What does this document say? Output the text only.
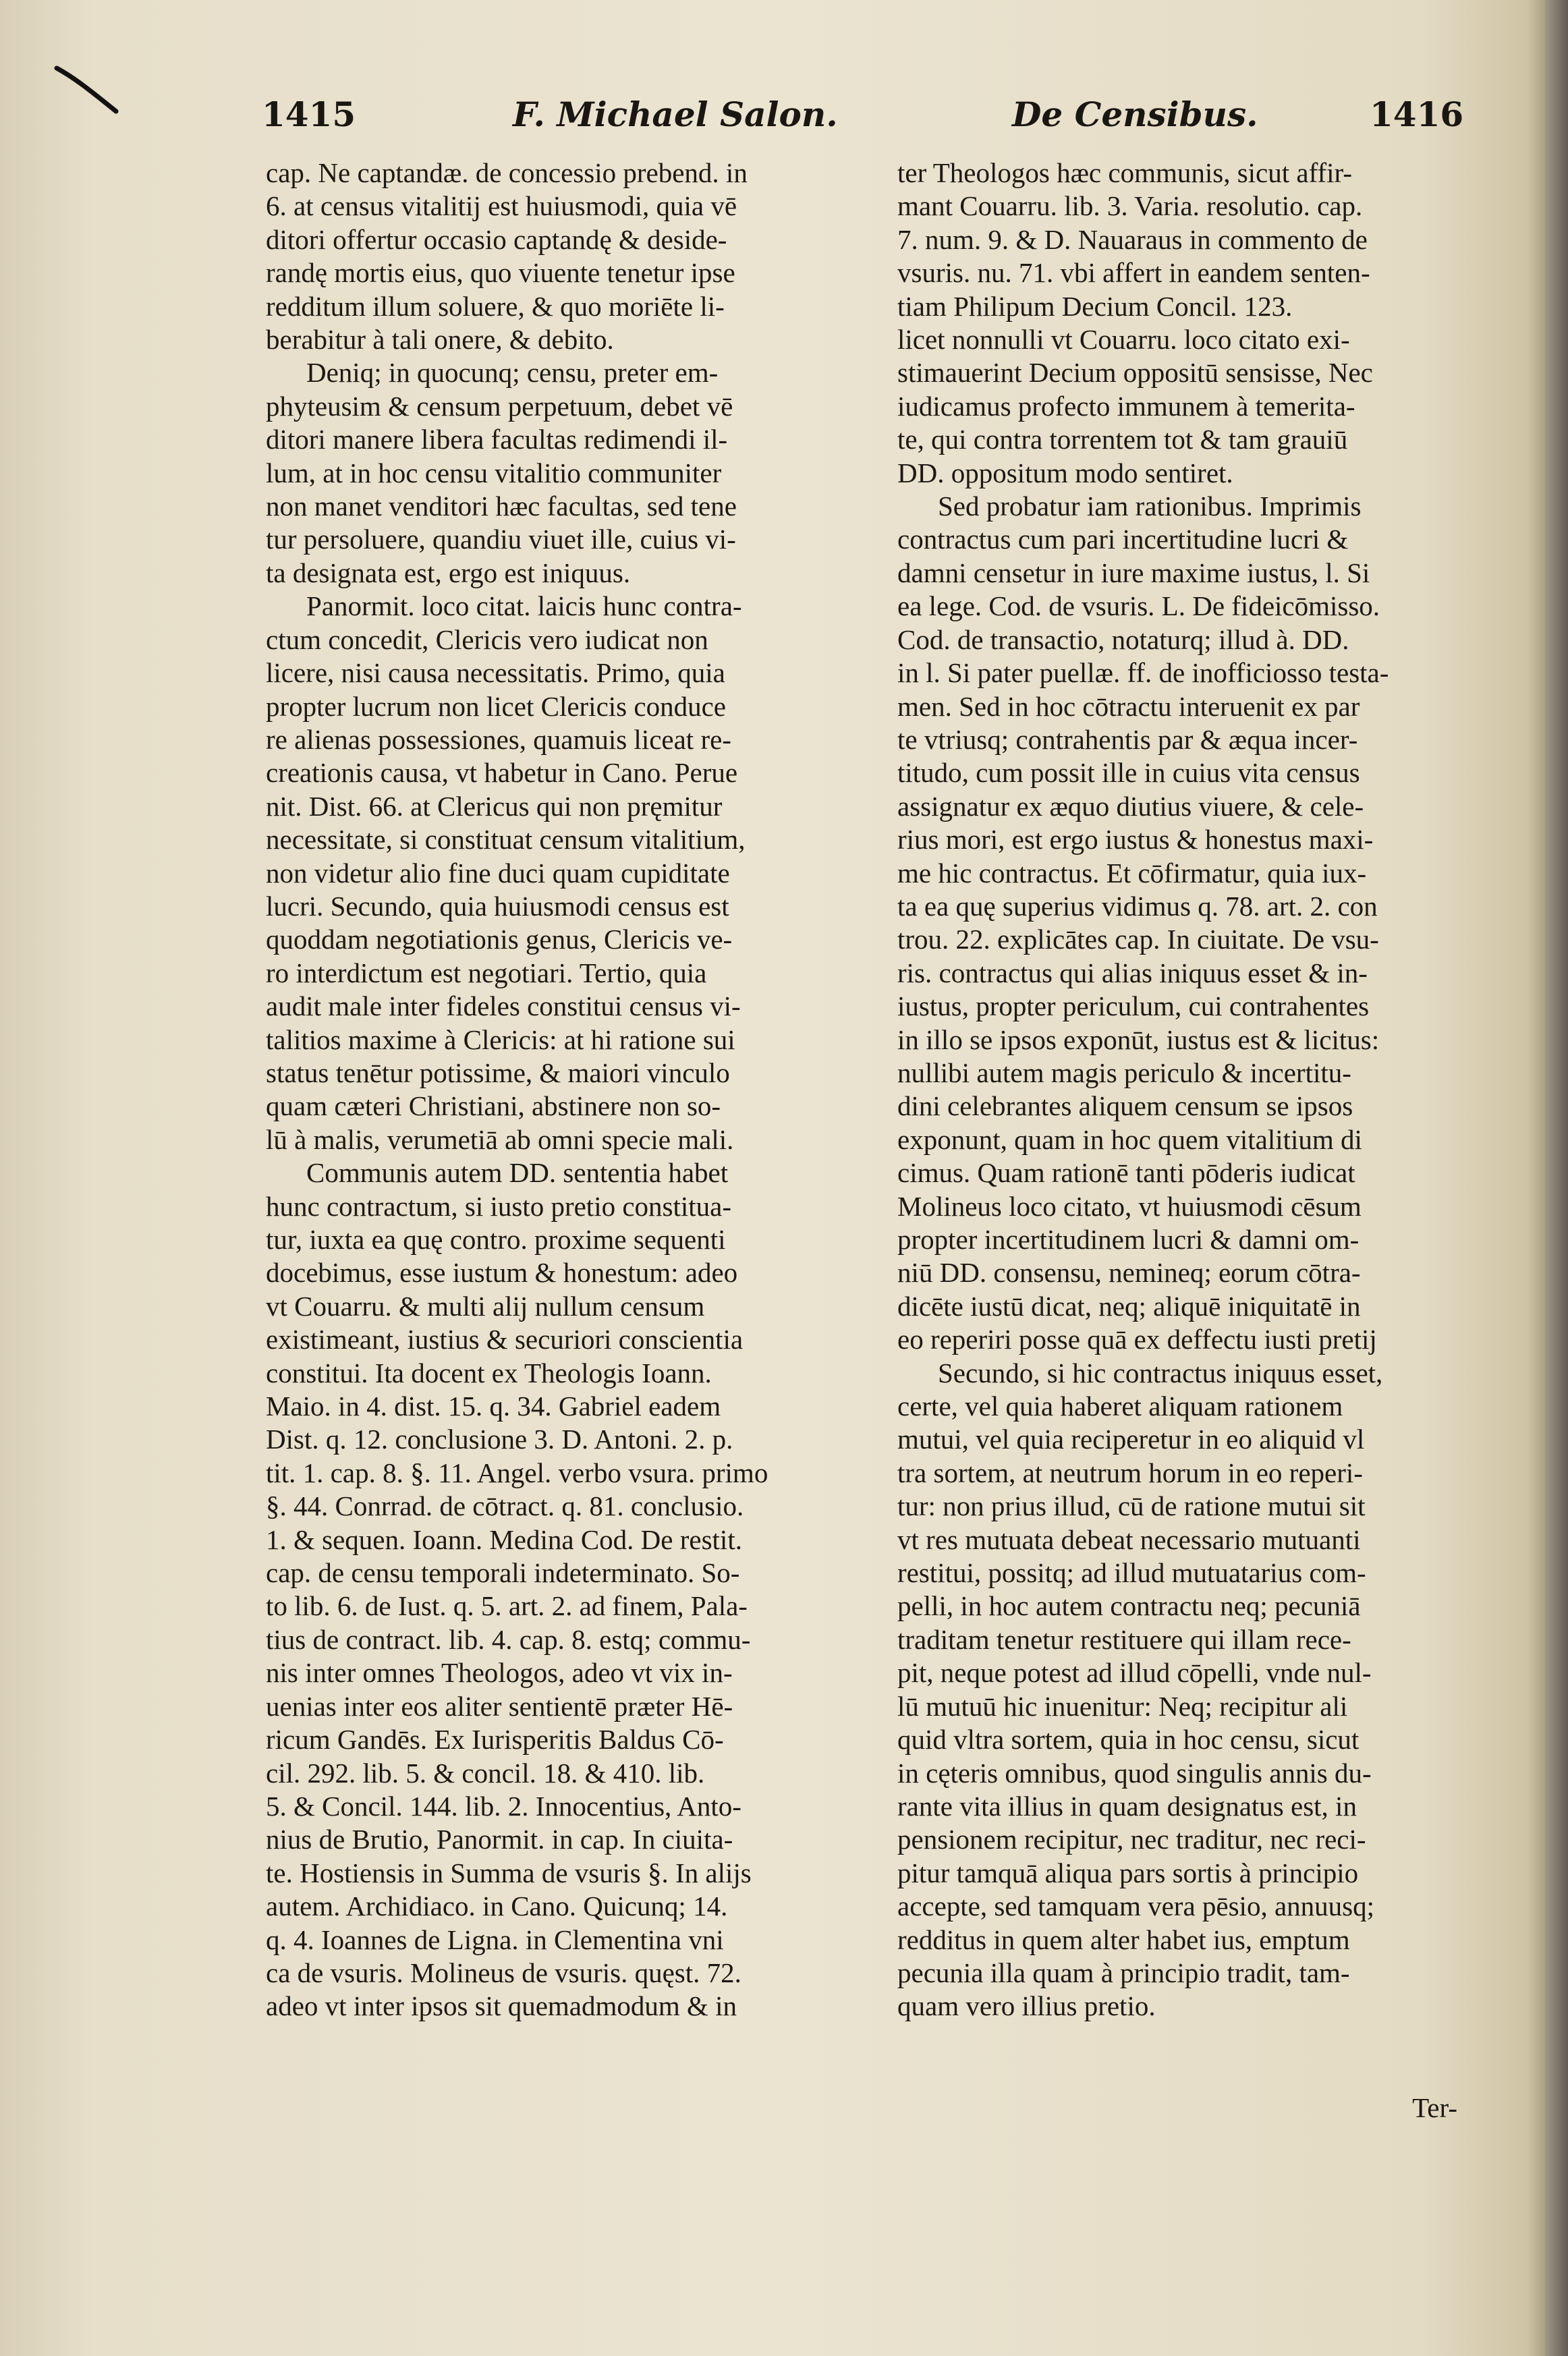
1415	F. Michael Salon.	De Censibus.	1416

cap. Ne captandæ. de concessio prebend. in
6. at census vitalitij est huiusmodi, quia vē
ditori offertur occasio captandę & deside-
randę mortis eius, quo viuente tenetur ipse
redditum illum soluere, & quo moriēte li-
berabitur à tali onere, & debito.

Deniq; in quocunq; censu, preter em-
phyteusim & censum perpetuum, debet vē
ditori manere libera facultas redimendi il-
lum, at in hoc censu vitalitio communiter
non manet venditori hæc facultas, sed tene
tur persoluere, quandiu viuet ille, cuius vi-
ta designata est, ergo est iniquus.

Panormit. loco citat. laicis hunc contra-
ctum concedit, Clericis vero iudicat non
licere, nisi causa necessitatis. Primo, quia
propter lucrum non licet Clericis conduce
re alienas possessiones, quamuis liceat re-
creationis causa, vt habetur in Cano. Perue
nit. Dist. 66. at Clericus qui non pręmitur
necessitate, si constituat censum vitalitium,
non videtur alio fine duci quam cupiditate
lucri. Secundo, quia huiusmodi census est
quoddam negotiationis genus, Clericis ve-
ro interdictum est negotiari. Tertio, quia
audit male inter fideles constitui census vi-
talitios maxime à Clericis: at hi ratione sui
status tenētur potissime, & maiori vinculo
quam cæteri Christiani, abstinere non so-
lū à malis, verumetiā ab omni specie mali.

Communis autem DD. sententia habet
hunc contractum, si iusto pretio constitua-
tur, iuxta ea quę contro. proxime sequenti
docebimus, esse iustum & honestum: adeo
vt Couarru. & multi alij nullum censum
existimeant, iustius & securiori conscientia
constitui. Ita docent ex Theologis Ioann.
Maio. in 4. dist. 15. q. 34. Gabriel eadem
Dist. q. 12. conclusione 3. D. Antoni. 2. p.
tit. 1. cap. 8. §. 11. Angel. verbo vsura. primo
§. 44. Conrrad. de cōtract. q. 81. conclusio.
1. & sequen. Ioann. Medina Cod. De restit.
cap. de censu temporali indeterminato. So-
to lib. 6. de Iust. q. 5. art. 2. ad finem, Pala-
tius de contract. lib. 4. cap. 8. estq; commu-
nis inter omnes Theologos, adeo vt vix in-
uenias inter eos aliter sentientē præter Hē-
ricum Gandēs. Ex Iurisperitis Baldus Cō-
cil. 292. lib. 5. & concil. 18. & 410. lib.
5. & Concil. 144. lib. 2. Innocentius, Anto-
nius de Brutio, Panormit. in cap. In ciuita-
te. Hostiensis in Summa de vsuris §. In alijs
autem. Archidiaco. in Cano. Quicunq; 14.
q. 4. Ioannes de Ligna. in Clementina vni
ca de vsuris. Molineus de vsuris. quęst. 72.
adeo vt inter ipsos sit quemadmodum & in

ter Theologos hæc communis, sicut affir-
mant Couarru. lib. 3. Varia. resolutio. cap.
7. num. 9. & D. Nauaraus in commento de
vsuris. nu. 71. vbi affert in eandem senten-
tiam Philipum Decium Concil. 123.
licet nonnulli vt Couarru. loco citato exi-
stimauerint Decium oppositū sensisse, Nec
iudicamus profecto immunem à temerita-
te, qui contra torrentem tot & tam grauiū
DD. oppositum modo sentiret.

Sed probatur iam rationibus. Imprimis
contractus cum pari incertitudine lucri &
damni censetur in iure maxime iustus, l. Si
ea lege. Cod. de vsuris. L. De fideicōmisso.
Cod. de transactio, notaturq; illud à. DD.
in l. Si pater puellæ. ff. de inofficiosso testa-
men. Sed in hoc cōtractu interuenit ex par
te vtriusq; contrahentis par & æqua incer-
titudo, cum possit ille in cuius vita census
assignatur ex æquo diutius viuere, & cele-
rius mori, est ergo iustus & honestus maxi-
me hic contractus. Et cōfirmatur, quia iux-
ta ea quę superius vidimus q. 78. art. 2. con
trou. 22. explicātes cap. In ciuitate. De vsu-
ris. contractus qui alias iniquus esset & in-
iustus, propter periculum, cui contrahentes
in illo se ipsos exponūt, iustus est & licitus:
nullibi autem magis periculo & incertitu-
dini celebrantes aliquem censum se ipsos
exponunt, quam in hoc quem vitalitium di
cimus. Quam rationē tanti pōderis iudicat
Molineus loco citato, vt huiusmodi cēsum
propter incertitudinem lucri & damni om-
niū DD. consensu, nemineq; eorum cōtra-
dicēte iustū dicat, neq; aliquē iniquitatē in
eo reperiri posse quā ex deffectu iusti pretij

Secundo, si hic contractus iniquus esset,
certe, vel quia haberet aliquam rationem
mutui, vel quia reciperetur in eo aliquid vl
tra sortem, at neutrum horum in eo reperi-
tur: non prius illud, cū de ratione mutui sit
vt res mutuata debeat necessario mutuanti
restitui, possitq; ad illud mutuatarius com-
pelli, in hoc autem contractu neq; pecuniā
traditam tenetur restituere qui illam rece-
pit, neque potest ad illud cōpelli, vnde nul-
lū mutuū hic inuenitur: Neq; recipitur ali
quid vltra sortem, quia in hoc censu, sicut
in cęteris omnibus, quod singulis annis du-
rante vita illius in quam designatus est, in
pensionem recipitur, nec traditur, nec reci-
pitur tamquā aliqua pars sortis à principio
accepte, sed tamquam vera pēsio, annuusq;
redditus in quem alter habet ius, emptum
pecunia illa quam à principio tradit, tam-
quam vero illius pretio.

Ter-
